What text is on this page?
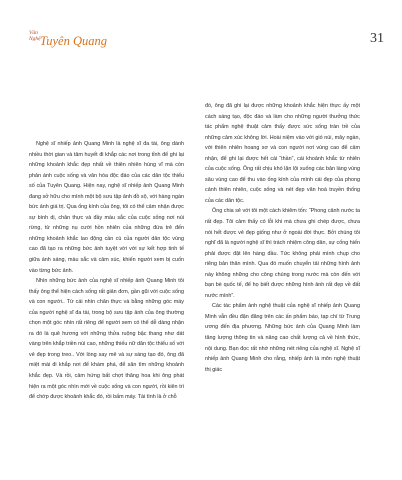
Văn
Nghệ Tuyên Quang	31

Nghệ sĩ nhiếp ảnh Quang Minh là nghệ sĩ đa tài, ông dành nhiều thời gian và tâm huyết đi khắp các nơi trong tỉnh để ghi lại những khoảnh khắc đẹp nhất về thiên nhiên hùng vĩ mà còn phản ánh cuộc sống và văn hóa độc đáo của các dân tộc thiểu số của Tuyên Quang. Hiện nay, nghệ sĩ nhiếp ảnh Quang Minh đang sở hữu cho mình một bộ sưu tập ảnh đồ sộ, với hàng ngàn bức ảnh giá trị. Qua ống kính của ông, tôi có thể cảm nhận được sự bình dị, chân thực và đầy màu sắc của cuộc sống nơi núi rừng, từ những nụ cười hồn nhiên của những đứa trẻ đến những khoảnh khắc lao động cần cù của người dân tộc vùng cao đã tạo ra những bức ảnh tuyệt vời với sự kết hợp tinh tế giữa ánh sáng, màu sắc và cảm xúc, khiến người xem bị cuốn vào từng bức ảnh.

Nhìn những bức ảnh của nghệ sĩ nhiếp ảnh Quang Minh tôi thấy ông thể hiện cách sống rất giản đơn, gần gũi với cuộc sống và con người.. Từ cái nhìn chân thực và bằng những góc máy của người nghệ sĩ đa tài, trong bộ sưu tập ảnh của ông thường chọn một góc nhìn rất riêng để người xem có thể dễ dàng nhận ra đó là quê hương với những thửa ruộng bậc thang như dát vàng trên khắp triền núi cao, những thiếu nữ dân tộc thiểu số với vẻ đẹp trong treo.. Với lòng say mê và sự sáng tạo đó, ông đã miệt mài đi khắp nơi để khám phá, để săn tìm những khoảnh khắc đẹp. Và rồi, cảm hứng bất chợt thăng hoa khi ông phát hiện ra một góc nhìn mới về cuộc sống và con người, rồi kiên trì để chớp được khoảnh khắc đó, rồi bấm máy. Tài tình là ở chỗ

đó, ông đã ghi lại được những khoảnh khắc hiện thực ấy một cách sáng tạo, độc đáo và làm cho những người thưởng thức tác phẩm nghệ thuật cảm thấy được sức sống tràn trề của những cảm xúc không lời. Hoài niệm vào với gió núi, mây ngàn, với thiên nhiên hoang sơ và con người nơi vùng cao để cảm nhận, để ghi lại được hết cái “thần”, cái khoảnh khắc từ nhiên của cuộc sống. Ông rất chịu khó lặn lội xuống các bản làng vùng sâu vùng cao để thu vào ống kính của mình cái đẹp của phong cảnh thiên nhiên, cuộc sống và nét đẹp văn hoá truyền thống của các dân tộc.

Ông chia sẻ với tôi một cách khiêm tốn: “Phong cảnh nước ta rất đẹp. Tôi cảm thấy có lỗi khi mà chưa ghi chép được, chưa nói hết được vẻ đẹp giống như ở ngoài đời thực. Bởi chúng tôi nghĩ đã là người nghệ sĩ thì trách nhiệm công dân, sự cống hiến phải được đặt lên hàng đầu. Tức không phải mình chụp cho riêng bản thân mình. Qua đó muốn chuyển tải những hình ảnh này không những cho công chúng trong nước mà còn đến với bạn bè quốc tế, để họ biết được những hình ảnh rất đẹp về đất nước mình”.

Các tác phẩm ảnh nghệ thuật của nghệ sĩ nhiếp ảnh Quang Minh vẫn đều đặn đăng trên các ấn phẩm báo, tạp chí từ Trung ương đến địa phương. Những bức ảnh của Quang Minh làm tăng lượng thông tin và nâng cao chất lượng cả về hình thức, nội dung. Bạn đọc rất nhớ những nét riêng của nghệ sĩ. Nghệ sĩ nhiếp ảnh Quang Minh cho rằng, nhiếp ảnh là môn nghệ thuật thị giác
